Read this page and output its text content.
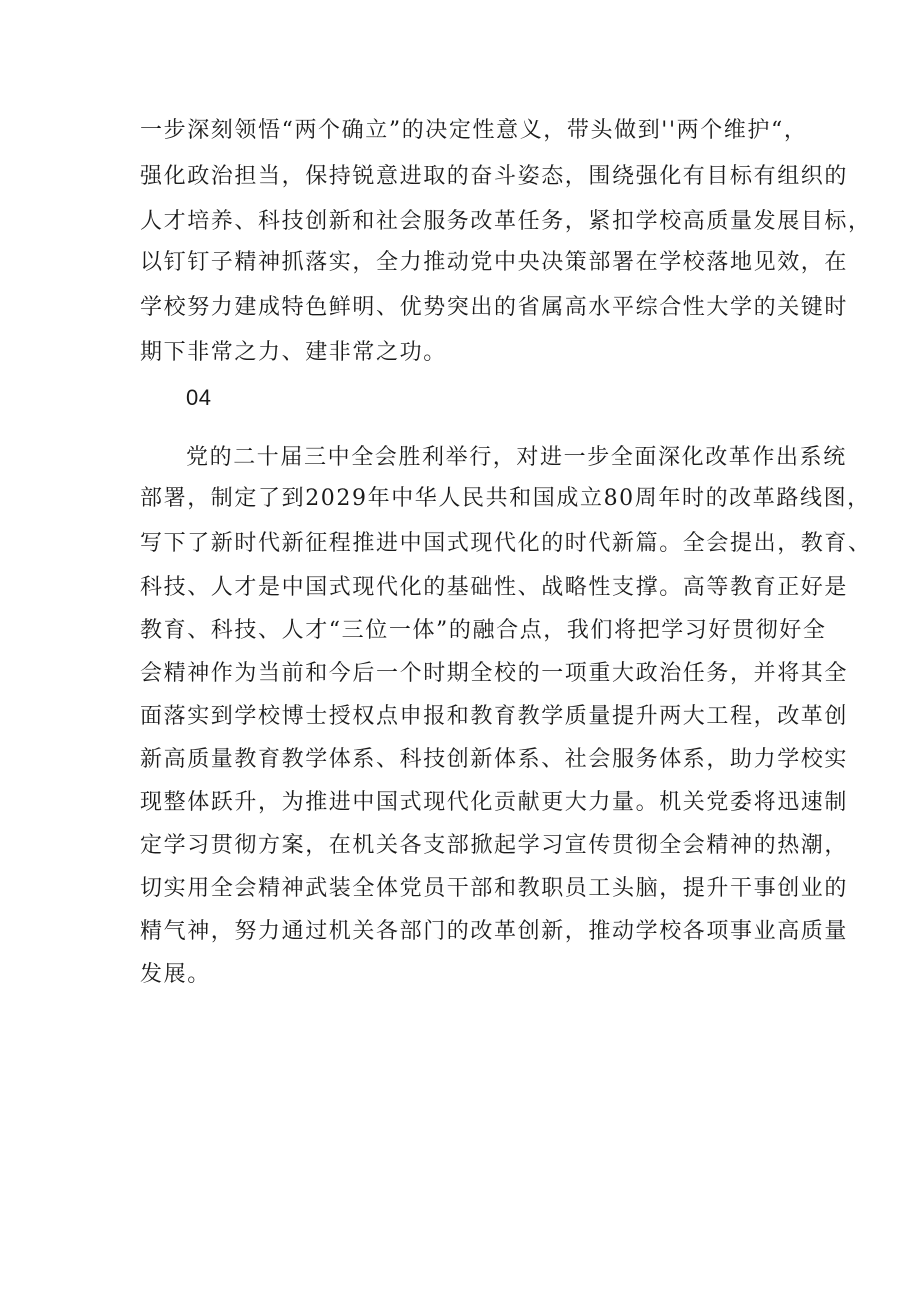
一步深刻领悟“两个确立”的决定性意义，带头做到''两个维护“，
强化政治担当，保持锐意进取的奋斗姿态，围绕强化有目标有组织的
人才培养、科技创新和社会服务改革任务，紧扣学校高质量发展目标，
以钉钉子精神抓落实，全力推动党中央决策部署在学校落地见效，在
学校努力建成特色鲜明、优势突出的省属高水平综合性大学的关键时
期下非常之力、建非常之功。
04
党的二十届三中全会胜利举行，对进一步全面深化改革作出系统
部署，制定了到2029年中华人民共和国成立80周年时的改革路线图，
写下了新时代新征程推进中国式现代化的时代新篇。全会提出，教育、
科技、人才是中国式现代化的基础性、战略性支撑。高等教育正好是
教育、科技、人才“三位一体”的融合点，我们将把学习好贯彻好全
会精神作为当前和今后一个时期全校的一项重大政治任务，并将其全
面落实到学校博士授权点申报和教育教学质量提升两大工程，改革创
新高质量教育教学体系、科技创新体系、社会服务体系，助力学校实
现整体跃升，为推进中国式现代化贡献更大力量。机关党委将迅速制
定学习贯彻方案，在机关各支部掀起学习宣传贯彻全会精神的热潮，
切实用全会精神武装全体党员干部和教职员工头脑，提升干事创业的
精气神，努力通过机关各部门的改革创新，推动学校各项事业高质量
发展。
